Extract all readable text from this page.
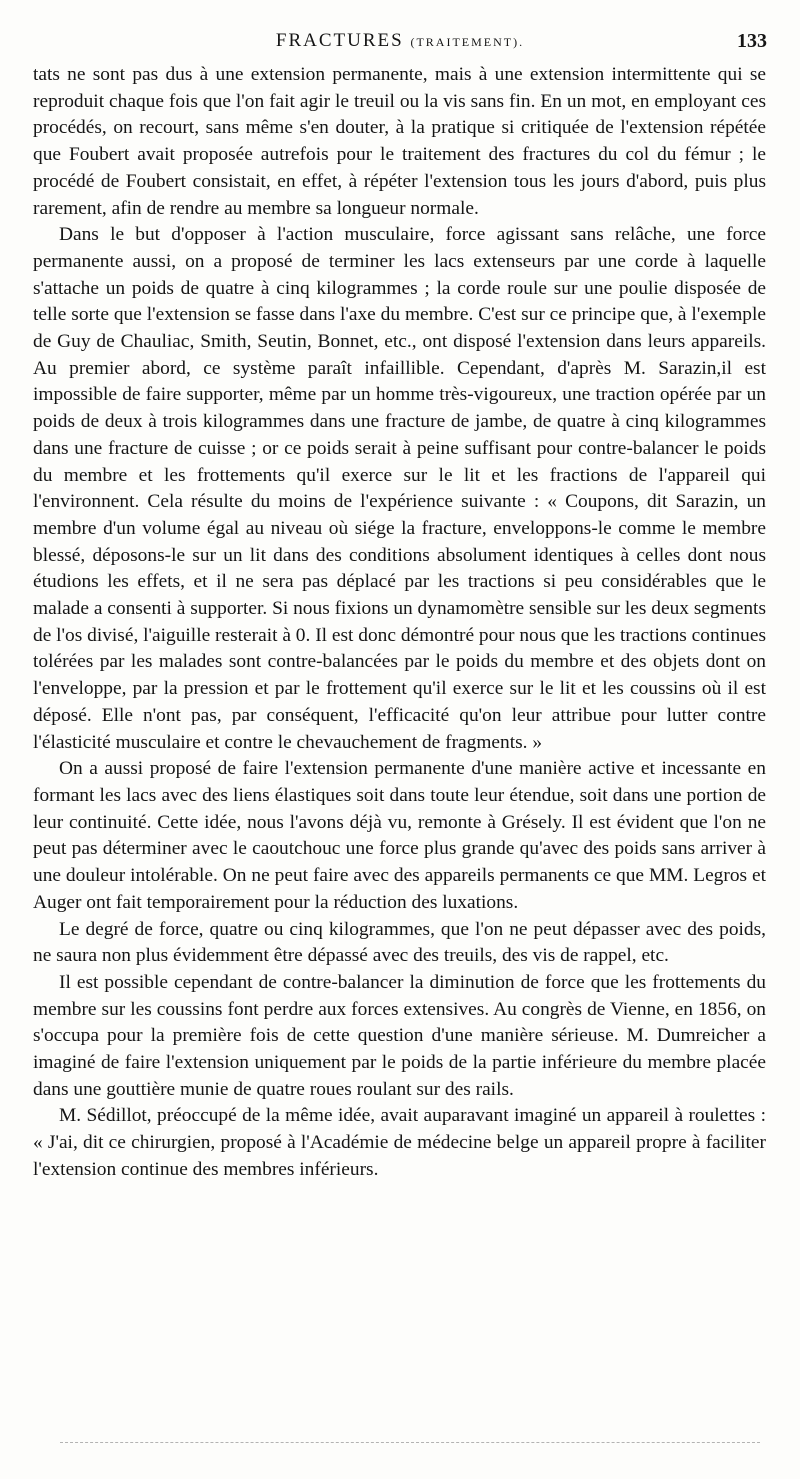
FRACTURES (TRAITEMENT).	133

tats ne sont pas dus à une extension permanente, mais à une extension intermittente qui se reproduit chaque fois que l'on fait agir le treuil ou la vis sans fin. En un mot, en employant ces procédés, on recourt, sans même s'en douter, à la pratique si critiquée de l'extension répétée que Foubert avait proposée autrefois pour le traitement des fractures du col du fémur ; le procédé de Foubert consistait, en effet, à répéter l'extension tous les jours d'abord, puis plus rarement, afin de rendre au membre sa longueur normale.

Dans le but d'opposer à l'action musculaire, force agissant sans relâche, une force permanente aussi, on a proposé de terminer les lacs extenseurs par une corde à laquelle s'attache un poids de quatre à cinq kilogrammes ; la corde roule sur une poulie disposée de telle sorte que l'extension se fasse dans l'axe du membre. C'est sur ce principe que, à l'exemple de Guy de Chauliac, Smith, Seutin, Bonnet, etc., ont disposé l'extension dans leurs appareils. Au premier abord, ce système paraît infaillible. Cependant, d'après M. Sarazin,il est impossible de faire supporter, même par un homme très-vigoureux, une traction opérée par un poids de deux à trois kilogrammes dans une fracture de jambe, de quatre à cinq kilogrammes dans une fracture de cuisse ; or ce poids serait à peine suffisant pour contre-balancer le poids du membre et les frottements qu'il exerce sur le lit et les fractions de l'appareil qui l'environnent. Cela résulte du moins de l'expérience suivante : « Coupons, dit Sarazin, un membre d'un volume égal au niveau où siége la fracture, enveloppons-le comme le membre blessé, déposons-le sur un lit dans des conditions absolument identiques à celles dont nous étudions les effets, et il ne sera pas déplacé par les tractions si peu considérables que le malade a consenti à supporter. Si nous fixions un dynamomètre sensible sur les deux segments de l'os divisé, l'aiguille resterait à 0. Il est donc démontré pour nous que les tractions continues tolérées par les malades sont contre-balancées par le poids du membre et des objets dont on l'enveloppe, par la pression et par le frottement qu'il exerce sur le lit et les coussins où il est déposé. Elle n'ont pas, par conséquent, l'efficacité qu'on leur attribue pour lutter contre l'élasticité musculaire et contre le chevauchement de fragments. »

On a aussi proposé de faire l'extension permanente d'une manière active et incessante en formant les lacs avec des liens élastiques soit dans toute leur étendue, soit dans une portion de leur continuité. Cette idée, nous l'avons déjà vu, remonte à Grésely. Il est évident que l'on ne peut pas déterminer avec le caoutchouc une force plus grande qu'avec des poids sans arriver à une douleur intolérable. On ne peut faire avec des appareils permanents ce que MM. Legros et Auger ont fait temporairement pour la réduction des luxations.

Le degré de force, quatre ou cinq kilogrammes, que l'on ne peut dépasser avec des poids, ne saura non plus évidemment être dépassé avec des treuils, des vis de rappel, etc.

Il est possible cependant de contre-balancer la diminution de force que les frottements du membre sur les coussins font perdre aux forces extensives. Au congrès de Vienne, en 1856, on s'occupa pour la première fois de cette question d'une manière sérieuse. M. Dumreicher a imaginé de faire l'extension uniquement par le poids de la partie inférieure du membre placée dans une gouttière munie de quatre roues roulant sur des rails.

M. Sédillot, préoccupé de la même idée, avait auparavant imaginé un appareil à roulettes : « J'ai, dit ce chirurgien, proposé à l'Académie de médecine belge un appareil propre à faciliter l'extension continue des membres inférieurs.
